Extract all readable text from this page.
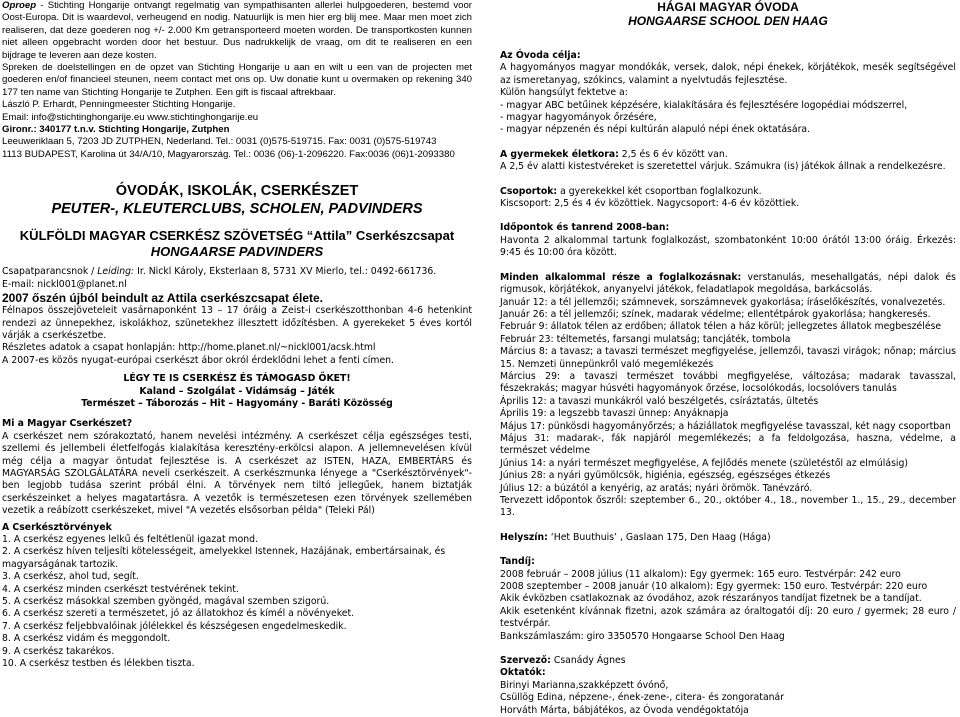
Oproep - Stichting Hongarije ontvangt regelmatig van sympathisanten allerlei hulpgoederen, bestemd voor Oost-Europa. Dit is waardevol, verheugend en nodig. Natuurlijk is men hier erg blij mee. Maar men moet zich realiseren, dat deze goederen nog +/- 2.000 Km getransporteerd moeten worden. De transportkosten kunnen niet alleen opgebracht worden door het bestuur. Dus nadrukkelijk de vraag, om dit te realiseren en een bijdrage te leveren aan deze kosten.

Spreken de doelstellingen en de opzet van Stichting Hongarije u aan en wilt u een van de projecten met goederen en/of financieel steunen, neem contact met ons op. Uw donatie kunt u overmaken op rekening 340 177 ten name van Stichting Hongarije te Zutphen. Een gift is fiscaal aftrekbaar.

László P. Erhardt, Penningmeester Stichting Hongarije.

Email: info@stichtinghongarije.eu www.stichtinghongarije.eu

Gironr.: 340177 t.n.v. Stichting Hongarije, Zutphen

Leeuweriklaan 5, 7203 JD ZUTPHEN, Nederland. Tel.: 0031 (0)575-519715. Fax: 0031 (0)575-519743

1113 BUDAPEST, Karolina út 34/A/10, Magyarország. Tel.: 0036 (06)-1-2096220. Fax:0036 (06)1-2093380

ÓVODÁK, ISKOLÁK, CSERKÉSZET

PEUTER-, KLEUTERCLUBS, SCHOLEN, PADVINDERS

KÜLFÖLDI MAGYAR CSERKÉSZ SZÖVETSÉG “Attila” Cserkészcsapat

HONGAARSE PADVINDERS

Csapatparancsnok / Leiding: Ir. Nickl Károly, Eksterlaan 8, 5731 XV Mierlo, tel.: 0492-661736.

E-mail: nickl001@planet.nl

2007 őszén újból beindult az Attila cserkészcsapat élete.

Félnapos összejöveteleit vasárnaponként 13 – 17 óráig a Zeist-i cserkészotthonban 4-6 hetenkint rendezi az ünnepekhez, iskolákhoz, szünetekhez illesztett időzítésben. A gyerekeket 5 éves kortól várják a cserkészetbe.

Részletes adatok a csapat honlapján: http://home.planet.nl/~nickl001/acsk.html

A 2007-es közös nyugat-európai cserkészt ábor okról érdeklődni lehet a fenti címen.

LÉGY TE IS CSERKÉSZ ÉS TÁMOGASD ŐKET!

Kaland – Szolgálat - Vidámság – Játék

Természet – Táborozás – Hit – Hagyomány - Baráti Közösség

Mi a Magyar Cserkészet?

A cserkészet nem szórakoztató, hanem nevelési intézmény. A cserkészet célja egészséges testi, szellemi és jellembeli életfelfogás kialakítása keresztény-erkölcsi alapon. A jellemnevelésen kívül még célja a magyar öntudat fejlesztése is. A cserkészet az ISTEN, HAZA, EMBERTÁRS és MAGYARSÁG SZOLGÁLATÁRA neveli cserkészeit. A cserkészmunka lényege a "Cserkésztörvények"-ben legjobb tudása szerint próbál élni. A törvények nem tiltó jellegűek, hanem biztatják cserkészeinket a helyes magatartásra. A vezetők is természetesen ezen törvények szellemében vezetik a reábízott cserkészeket, mivel "A vezetés elsősorban példa" (Teleki Pál)

A Cserkésztörvények

1. A cserkész egyenes lelkű és feltétlenül igazat mond.
2. A cserkész híven teljesíti kötelességeit, amelyekkel Istennek, Hazájának, embertársainak, és magyarságának tartozik.
3. A cserkész, ahol tud, segít.
4. A cserkész minden cserkészt testvérének tekint.
5. A cserkész másokkal szemben gyöngéd, magával szemben szigorú.
6. A cserkész szereti a természetet, jó az állatokhoz és kímél a növényeket.
7. A cserkész feljebbvalóinak jólélekkel és készségesen engedelmeskedik.
8. A cserkész vidám és meggondolt.
9. A cserkész takarékos.
10. A cserkész testben és lélekben tiszta.

HÁGAI MAGYAR ÓVODA

HONGAARSE SCHOOL DEN HAAG

Az Óvoda célja:

A hagyományos magyar mondókák, versek, dalok, népi énekek, körjátékok, mesék segítségével az ismeretanyag, szókincs, valamint a nyelvtudás fejlesztése.

Külön hangsúlyt fektetve a:

- magyar ABC betűinek képzésére, kialakítására és fejlesztésére logopédiai módszerrel,

- magyar hagyományok őrzésére,

- magyar népzenén és népi kultúrán alapuló népi ének oktatására.

A gyermekek életkora: 2,5 és 6 év között van.

A 2,5 év alatti kistestvéreket is szeretettel várjuk. Számukra (is) játékok állnak a rendelkezésre.

Csoportok: a gyerekekkel két csoportban foglalkozunk.

Kiscsoport: 2,5 és 4 év közöttiek. Nagycsoport: 4-6 év közöttiek.

Időpontok és tanrend 2008-ban:

Havonta 2 alkalommal tartunk foglalkozást, szombatonként 10:00 órától 13:00 óráig. Érkezés: 9:45 és 10:00 óra között.

Minden alkalommal része a foglalkozásnak: verstanulás, mesehallgatás, népi dalok és rigmusok, körjátékok, anyanyelvi játékok, feladatlapok megoldása, barkácsolás.

Január 12: a tél jellemzői; számnevek, sorszámnevek gyakorlása; íráselőkészítés, vonalvezetés.

Január 26: a tél jellemzői; színek, madarak védelme; ellentétpárok gyakorlása; hangkeresés.

Február 9: állatok télen az erdőben; állatok télen a ház körül; jellegzetes állatok megbeszélése

Február 23: téltemetés, farsangi mulatság; tancjáték, tombola

Március 8: a tavasz; a tavaszi természet megfigyelése, jellemzői, tavaszi virágok; nőnap; március 15. Nemzeti ünnepünkről való megemlékezés

Március 29: a tavaszi természet további megfigyelése, változása; madarak tavasszal, fészekrakás; magyar húsvéti hagyományok őrzése, locsolókodás, locsolóvers tanulás

Április 12: a tavaszi munkákról való beszélgetés, csíráztatás, ültetés

Április 19: a legszebb tavaszi ünnep: Anyáknapja

Május 17: pünkösdi hagyományőrzés; a háziállatok megfigyelése tavasszal, két nagy csoportban

Május 31: madarak-, fák napjáról megemlékezés; a fa feldolgozása, haszna, védelme, a természet védelme

Június 14: a nyári természet megfigyelése, A fejlődés menete (születéstől az elmúlásig)

Június 28: a nyári gyümölcsök, higiénia, egészség, egészséges étkezés

Július 12: a búzától a kenyérig, az aratás; nyári örömök. Tanévzáró.

Tervezett időpontok őszről: szeptember 6., 20., október 4., 18., november 1., 15., 29., december 13.

Helyszín: ‘Het Buuthuis’ , Gaslaan 175, Den Haag (Hága)

Tandíj:

2008 február – 2008 július (11 alkalom): Egy gyermek: 165 euro. Testvérpár: 242 euro

2008 szeptember – 2008 január (10 alkalom): Egy gyermek: 150 euro. Testvérpár: 220 euro

Akik évközben csatlakoznak az óvodához, azok részarányos tandíjat fizetnek be a tandíjat.

Akik esetenként kívánnak fizetni, azok számára az óraltogatói díj: 20 euro / gyermek; 28 euro / testvérpár.

Bankszámlaszám: giro 3350570 Hongaarse School Den Haag

Szervező: Csanády Ágnes

Oktatók:

Birinyi Marianna,szakképzett óvónő,

Csüllög Edina, népzene-, ének-zene-, citera- és zongoratanár

Horváth Márta, bábjátékos, az Óvoda vendégoktatója
